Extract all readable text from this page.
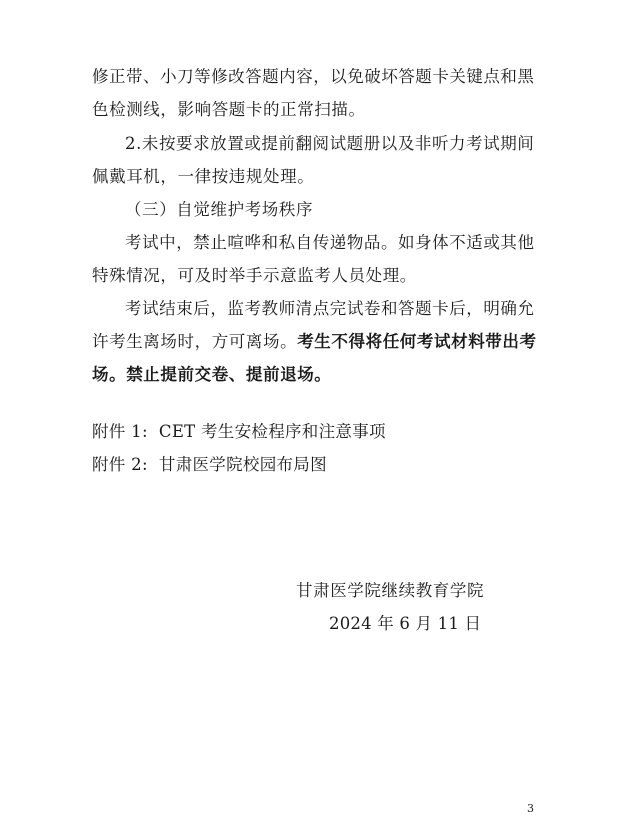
修 正 带 、 小 刀 等 修 改 答 题 内 容 ， 以 免 破 坏 答 题 卡 关 键 点 和 黑
色检测线，影响答题卡的正常扫描。
2 . 未 按 要 求 放 置 或 提 前 翻 阅 试 题 册 以 及 非 听 力 考 试 期 间
佩戴耳机，一律按违规处理。
（三）自觉维护考场秩序
考 试 中 ， 禁 止 喧 哗 和 私 自 传 递 物 品 。 如 身 体 不 适 或 其 他
特殊情况，可及时举手示意监考人员处理。
考 试 结 束 后 ， 监 考 教 师 清 点 完 试 卷 和 答 题 卡 后 ， 明 确 允
许考生离场时，方可离场。考生不得将任何考试材料带出考
场。禁止提前交卷、提前退场。
附件 1:  CET 考生安检程序和注意事项
附件 2:  甘肃医学院校园布局图
甘肃医学院继续教育学院
2024 年 6 月 11 日
3
